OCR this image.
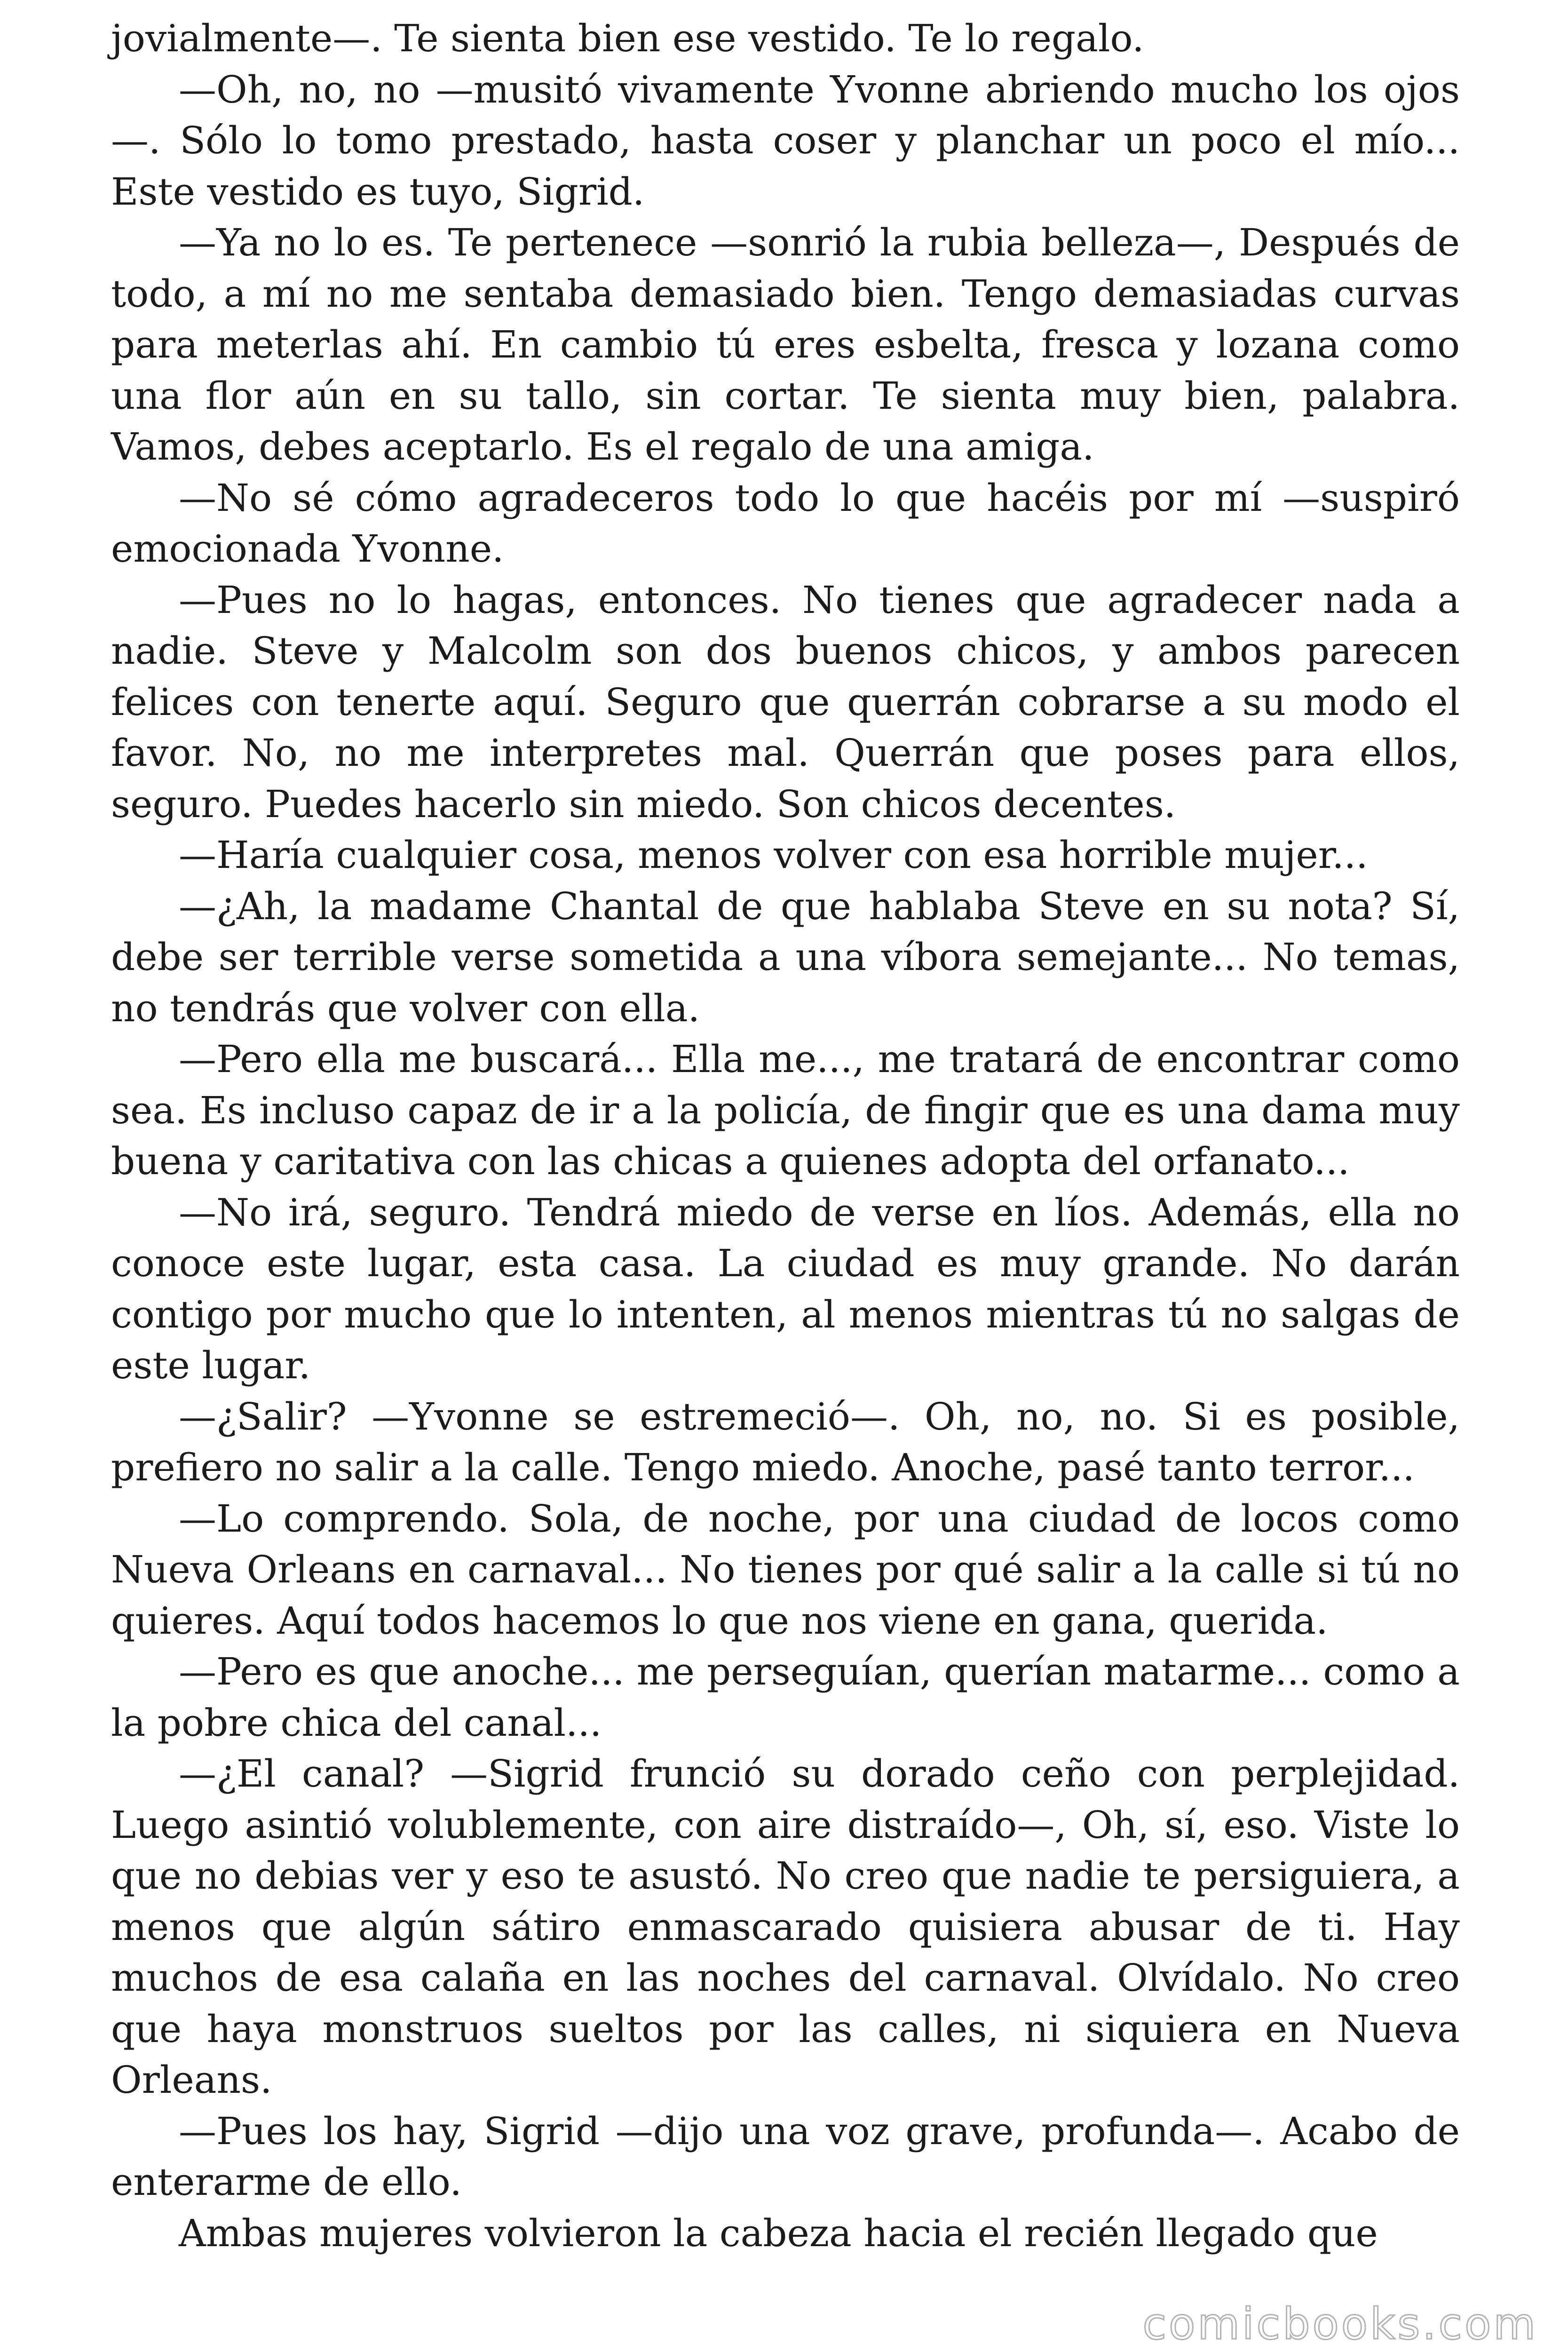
jovialmente—. Te sienta bien ese vestido. Te lo regalo.

—Oh, no, no —musitó vivamente Yvonne abriendo mucho los ojos —. Sólo lo tomo prestado, hasta coser y planchar un poco el mío... Este vestido es tuyo, Sigrid.

—Ya no lo es. Te pertenece —sonrió la rubia belleza—, Después de todo, a mí no me sentaba demasiado bien. Tengo demasiadas curvas para meterlas ahí. En cambio tú eres esbelta, fresca y lozana como una flor aún en su tallo, sin cortar. Te sienta muy bien, palabra. Vamos, debes aceptarlo. Es el regalo de una amiga.

—No sé cómo agradeceros todo lo que hacéis por mí —suspiró emocionada Yvonne.

—Pues no lo hagas, entonces. No tienes que agradecer nada a nadie. Steve y Malcolm son dos buenos chicos, y ambos parecen felices con tenerte aquí. Seguro que querrán cobrarse a su modo el favor. No, no me interpretes mal. Querrán que poses para ellos, seguro. Puedes hacerlo sin miedo. Son chicos decentes.

—Haría cualquier cosa, menos volver con esa horrible mujer...

—¿Ah, la madame Chantal de que hablaba Steve en su nota? Sí, debe ser terrible verse sometida a una víbora semejante... No temas, no tendrás que volver con ella.

—Pero ella me buscará... Ella me..., me tratará de encontrar como sea. Es incluso capaz de ir a la policía, de fingir que es una dama muy buena y caritativa con las chicas a quienes adopta del orfanato...

—No irá, seguro. Tendrá miedo de verse en líos. Además, ella no conoce este lugar, esta casa. La ciudad es muy grande. No darán contigo por mucho que lo intenten, al menos mientras tú no salgas de este lugar.

—¿Salir? —Yvonne se estremeció—. Oh, no, no. Si es posible, prefiero no salir a la calle. Tengo miedo. Anoche, pasé tanto terror...

—Lo comprendo. Sola, de noche, por una ciudad de locos como Nueva Orleans en carnaval... No tienes por qué salir a la calle si tú no quieres. Aquí todos hacemos lo que nos viene en gana, querida.

—Pero es que anoche... me perseguían, querían matarme... como a la pobre chica del canal...

—¿El canal? —Sigrid frunció su dorado ceño con perplejidad. Luego asintió volublemente, con aire distraído—, Oh, sí, eso. Viste lo que no debias ver y eso te asustó. No creo que nadie te persiguiera, a menos que algún sátiro enmascarado quisiera abusar de ti. Hay muchos de esa calaña en las noches del carnaval. Olvídalo. No creo que haya monstruos sueltos por las calles, ni siquiera en Nueva Orleans.

—Pues los hay, Sigrid —dijo una voz grave, profunda—. Acabo de enterarme de ello.

Ambas mujeres volvieron la cabeza hacia el recién llegado que

comicbooks.com
